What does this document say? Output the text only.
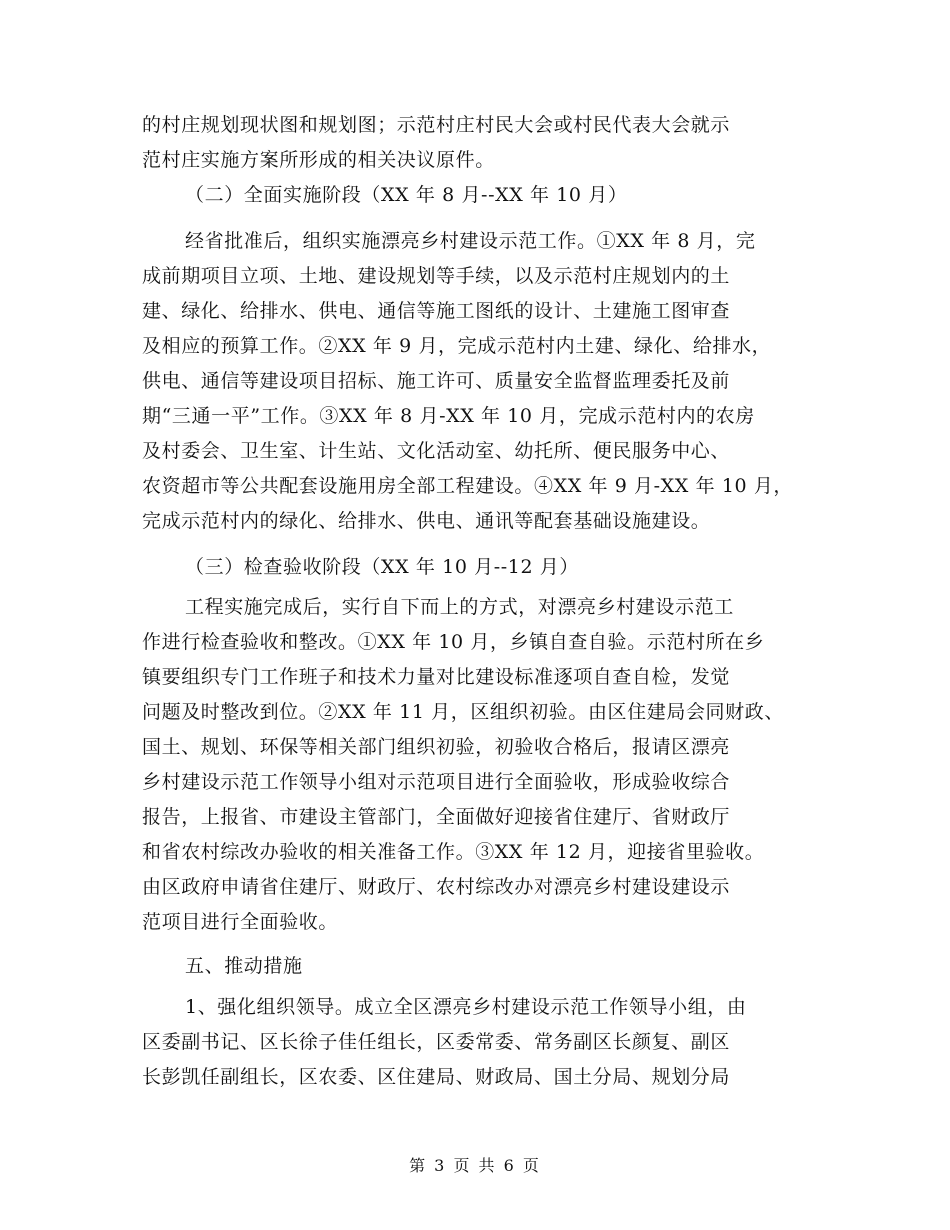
的村庄规划现状图和规划图；示范村庄村民大会或村民代表大会就示
范村庄实施方案所形成的相关决议原件。
（二）全面实施阶段（XX 年 8 月--XX 年 10 月）
经省批准后，组织实施漂亮乡村建设示范工作。①XX 年 8 月，完
成前期项目立项、土地、建设规划等手续，以及示范村庄规划内的土
建、绿化、给排水、供电、通信等施工图纸的设计、土建施工图审查
及相应的预算工作。②XX 年 9 月，完成示范村内土建、绿化、给排水，
供电、通信等建设项目招标、施工许可、质量安全监督监理委托及前
期“三通一平”工作。③XX 年 8 月-XX 年 10 月，完成示范村内的农房
及村委会、卫生室、计生站、文化活动室、幼托所、便民服务中心、
农资超市等公共配套设施用房全部工程建设。④XX 年 9 月-XX 年 10 月，
完成示范村内的绿化、给排水、供电、通讯等配套基础设施建设。
（三）检查验收阶段（XX 年 10 月--12 月）
工程实施完成后，实行自下而上的方式，对漂亮乡村建设示范工
作进行检查验收和整改。①XX 年 10 月，乡镇自查自验。示范村所在乡
镇要组织专门工作班子和技术力量对比建设标准逐项自查自检，发觉
问题及时整改到位。②XX 年 11 月，区组织初验。由区住建局会同财政、
国土、规划、环保等相关部门组织初验，初验收合格后，报请区漂亮
乡村建设示范工作领导小组对示范项目进行全面验收，形成验收综合
报告，上报省、市建设主管部门，全面做好迎接省住建厅、省财政厅
和省农村综改办验收的相关准备工作。③XX 年 12 月，迎接省里验收。
由区政府申请省住建厅、财政厅、农村综改办对漂亮乡村建设建设示
范项目进行全面验收。
五、推动措施
1、强化组织领导。成立全区漂亮乡村建设示范工作领导小组，由
区委副书记、区长徐子佳任组长，区委常委、常务副区长颜复、副区
长彭凯任副组长，区农委、区住建局、财政局、国土分局、规划分局
第 3 页 共 6 页
